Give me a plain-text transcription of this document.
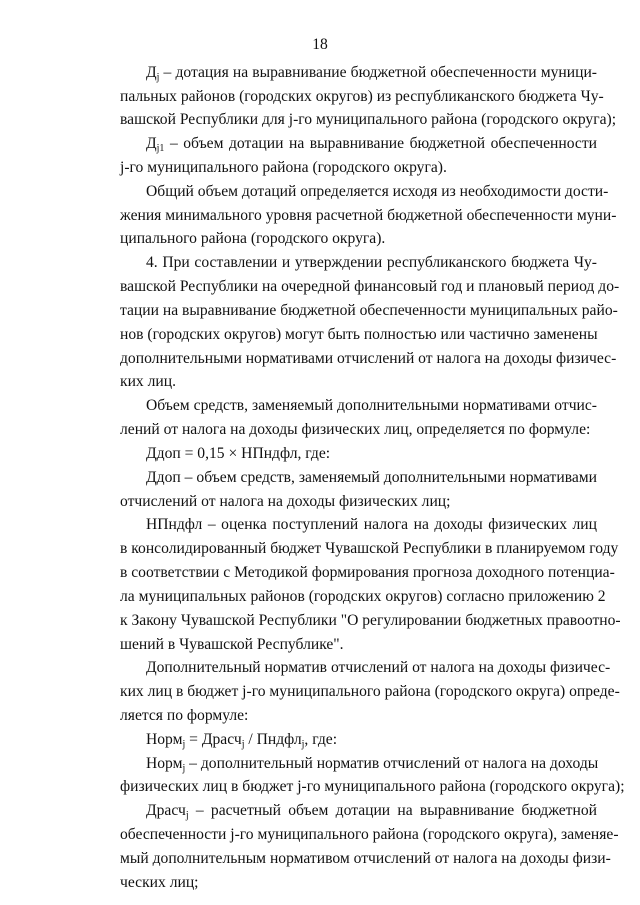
18
$Д_j$ – дотация на выравнивание бюджетной обеспеченности муници-
пальных районов (городских округов) из республиканского бюджета Чу-
вашской Республики для j-го муниципального района (городского округа);
$Д_{j1}$ – объем дотации на выравнивание бюджетной обеспеченности
j-го муниципального района (городского округа).
Общий объем дотаций определяется исходя из необходимости дости-
жения минимального уровня расчетной бюджетной обеспеченности муни-
ципального района (городского округа).
4. При составлении и утверждении республиканского бюджета Чу-
вашской Республики на очередной финансовый год и плановый период до-
тации на выравнивание бюджетной обеспеченности муниципальных райо-
нов (городских округов) могут быть полностью или частично заменены
дополнительными нормативами отчислений от налога на доходы физичес-
ких лиц.
Объем средств, заменяемый дополнительными нормативами отчис-
лений от налога на доходы физических лиц, определяется по формуле:
Ддоп = 0,15 × НПндфл, где:
Ддоп – объем средств, заменяемый дополнительными нормативами
отчислений от налога на доходы физических лиц;
НПндфл – оценка поступлений налога на доходы физических лиц
в консолидированный бюджет Чувашской Республики в планируемом году
в соответствии с Методикой формирования прогноза доходного потенциа-
ла муниципальных районов (городских округов) согласно приложению 2
к Закону Чувашской Республики "О регулировании бюджетных правоотно-
шений в Чувашской Республике".
Дополнительный норматив отчислений от налога на доходы физичес-
ких лиц в бюджет j-го муниципального района (городского округа) опреде-
ляется по формуле:
Норм$_j$ = Драсч$_j$ / Пндфл$_j$, где:
Норм$_j$ – дополнительный норматив отчислений от налога на доходы
физических лиц в бюджет j-го муниципального района (городского округа);
Драсч$_j$ – расчетный объем дотации на выравнивание бюджетной
обеспеченности j-го муниципального района (городского округа), заменяе-
мый дополнительным нормативом отчислений от налога на доходы физи-
ческих лиц;
